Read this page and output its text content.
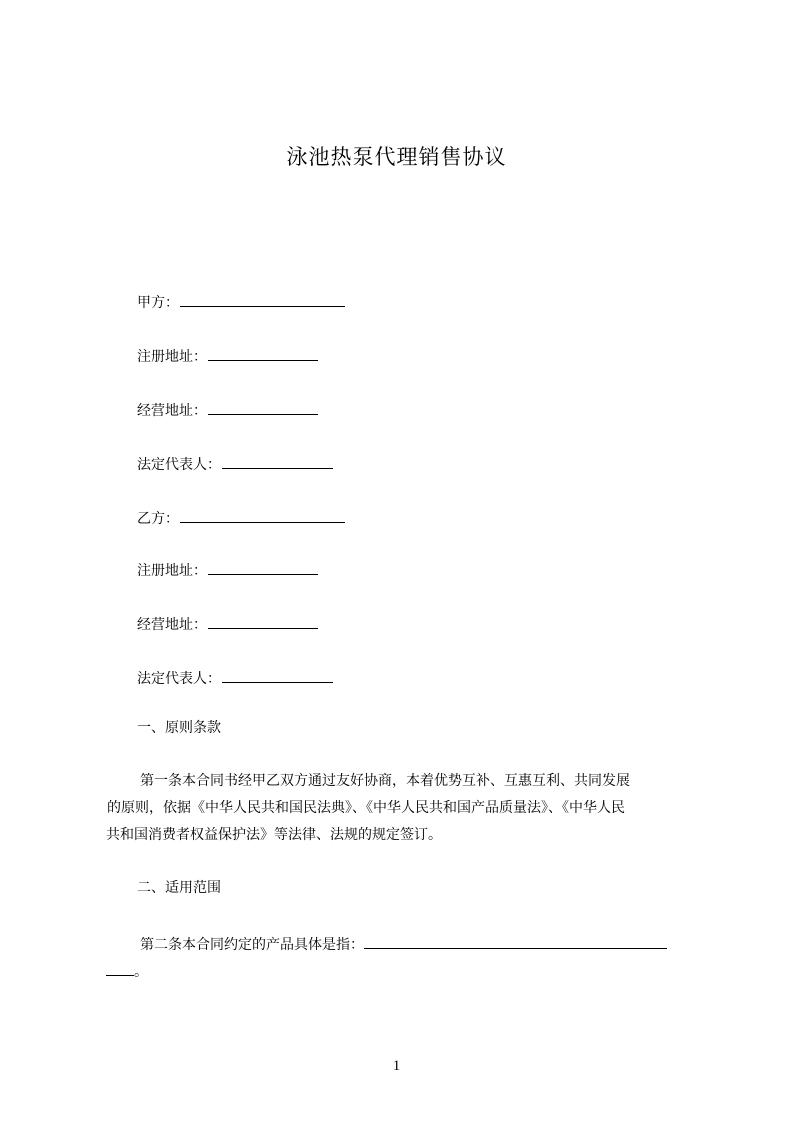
泳池热泵代理销售协议
甲方：
注册地址：
经营地址：
法定代表人：
乙方：
注册地址：
经营地址：
法定代表人：
一、原则条款
第一条本合同书经甲乙双方通过友好协商，本着优势互补、互惠互利、共同发展
的原则，依据《中华人民共和国民法典》、《中华人民共和国产品质量法》、《中华人民
共和国消费者权益保护法》等法律、法规的规定签订。
二、适用范围
第二条本合同约定的产品具体是指：
。
1
